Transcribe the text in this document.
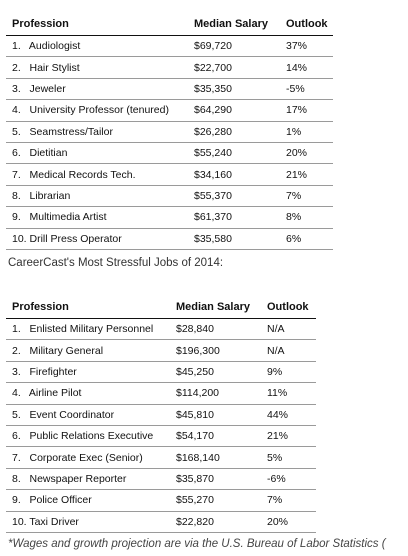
Profession	Median Salary	Outlook
1.   Audiologist	$69,720	37%
2.   Hair Stylist	$22,700	14%
3.   Jeweler	$35,350	-5%
4.   University Professor (tenured)	$64,290	17%
5.   Seamstress/Tailor	$26,280	1%
6.   Dietitian	$55,240	20%
7.   Medical Records Tech.	$34,160	21%
8.   Librarian	$55,370	7%
9.   Multimedia Artist	$61,370	8%
10. Drill Press Operator	$35,580	6%
CareerCast's Most Stressful Jobs of 2014:
Profession	Median Salary	Outlook
1.   Enlisted Military Personnel	$28,840	N/A
2.   Military General	$196,300	N/A
3.   Firefighter	$45,250	9%
4.   Airline Pilot	$114,200	11%
5.   Event Coordinator	$45,810	44%
6.   Public Relations Executive	$54,170	21%
7.   Corporate Exec (Senior)	$168,140	5%
8.   Newspaper Reporter	$35,870	-6%
9.   Police Officer	$55,270	7%
10. Taxi Driver	$22,820	20%
*Wages and growth projection are via the U.S. Bureau of Labor Statistics (
